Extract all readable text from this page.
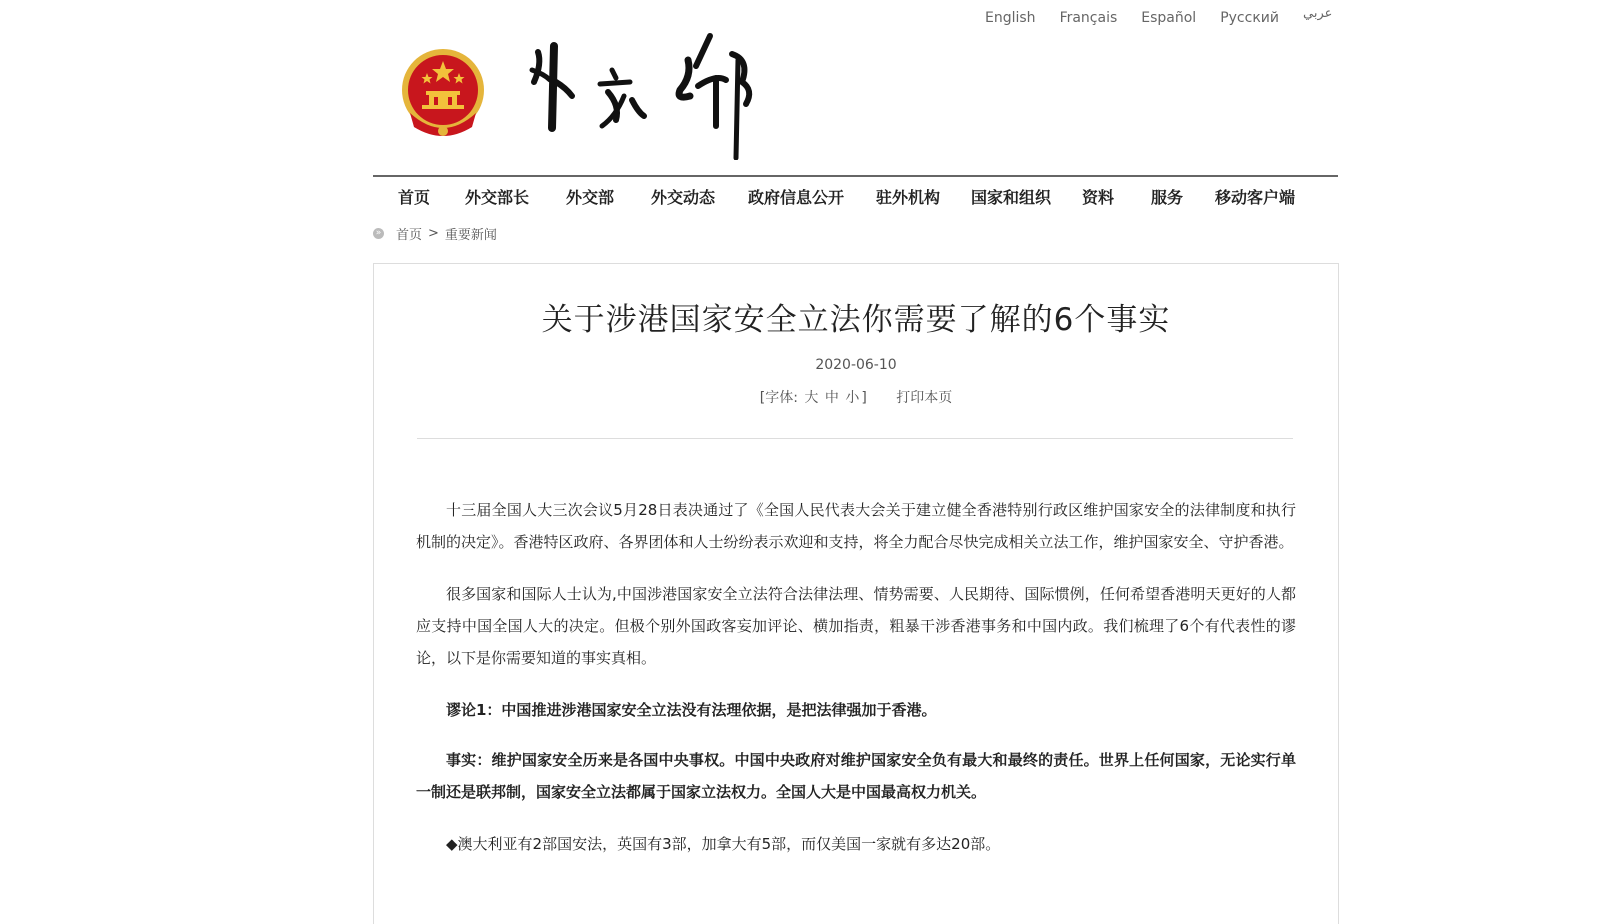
English Français Español Русский عربي
首页 外交部长 外交部 外交动态 政府信息公开 驻外机构 国家和组织 资料 服务 移动客户端
» 首页 > 重要新闻
关于涉港国家安全立法你需要了解的6个事实
2020-06-10
[字体: 大 中 小 ] 打印本页

十三届全国人大三次会议5月28日表决通过了《全国人民代表大会关于建立健全香港特别行政区维护国家安全的法律制度和执行机制的决定》。香港特区政府、各界团体和人士纷纷表示欢迎和支持，将全力配合尽快完成相关立法工作，维护国家安全、守护香港。

很多国家和国际人士认为,中国涉港国家安全立法符合法律法理、情势需要、人民期待、国际惯例，任何希望香港明天更好的人都应支持中国全国人大的决定。但极个别外国政客妄加评论、横加指责，粗暴干涉香港事务和中国内政。我们梳理了6个有代表性的谬论，以下是你需要知道的事实真相。

谬论1：中国推进涉港国家安全立法没有法理依据，是把法律强加于香港。

事实：维护国家安全历来是各国中央事权。中国中央政府对维护国家安全负有最大和最终的责任。世界上任何国家，无论实行单一制还是联邦制，国家安全立法都属于国家立法权力。全国人大是中国最高权力机关。

◆澳大利亚有2部国安法，英国有3部，加拿大有5部，而仅美国一家就有多达20部。
